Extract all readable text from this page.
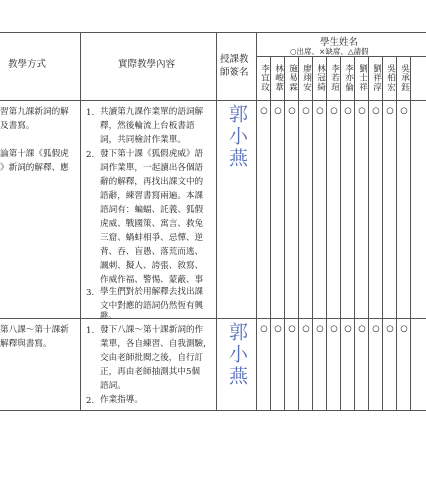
教學方式	實際教學內容	授課教師簽名
學生姓名
○出席、×缺席、△請假
李宜玟 林峻葦 施易霖 廖翊安 林冠綺 李若瑄 李亦倫 劉士祥 劉祥淳 吳柏宏 吳承鈺
習第九課新詞的解
及書寫。
論第十課《狐假虎
》新詞的解釋、應
1. 共讀第九課作業單的語詞解
釋，然後輪流上台板書語
詞，共同檢討作業單。
2. 發下第十課《狐假虎威》語
詞作業單，一起讀出各個語
辭的解釋，再找出課文中的
語辭，練習書寫兩遍。本課
語詞有：蝙蝠、託義、狐假
虎威、戰國策、寓言、救兔
三窟、蝸蚌相爭、忌憚、逆
背、吞、盲愚、落荒而逃、
諷刺、擬人、誇張、敘寫、
作威作福、警惕、蒙蔽、事
3. 學生們對於用解釋去找出課
文中對應的語詞仍然恆有興
趣。
郭小燕
第八課～第十課新
解釋與書寫。
1. 發下八課～第十課新詞的作
業單，各自練習、自我測驗，
交由老師批閱之後，自行訂
正，再由老師抽測其中5個
語詞。
2. 作業指導。
郭小燕
○ ○ ○ ○ ○ ○ ○ ○ ○ ○ ○
○ ○ ○ ○ ○ ○ ○ ○ ○ ○ ○
